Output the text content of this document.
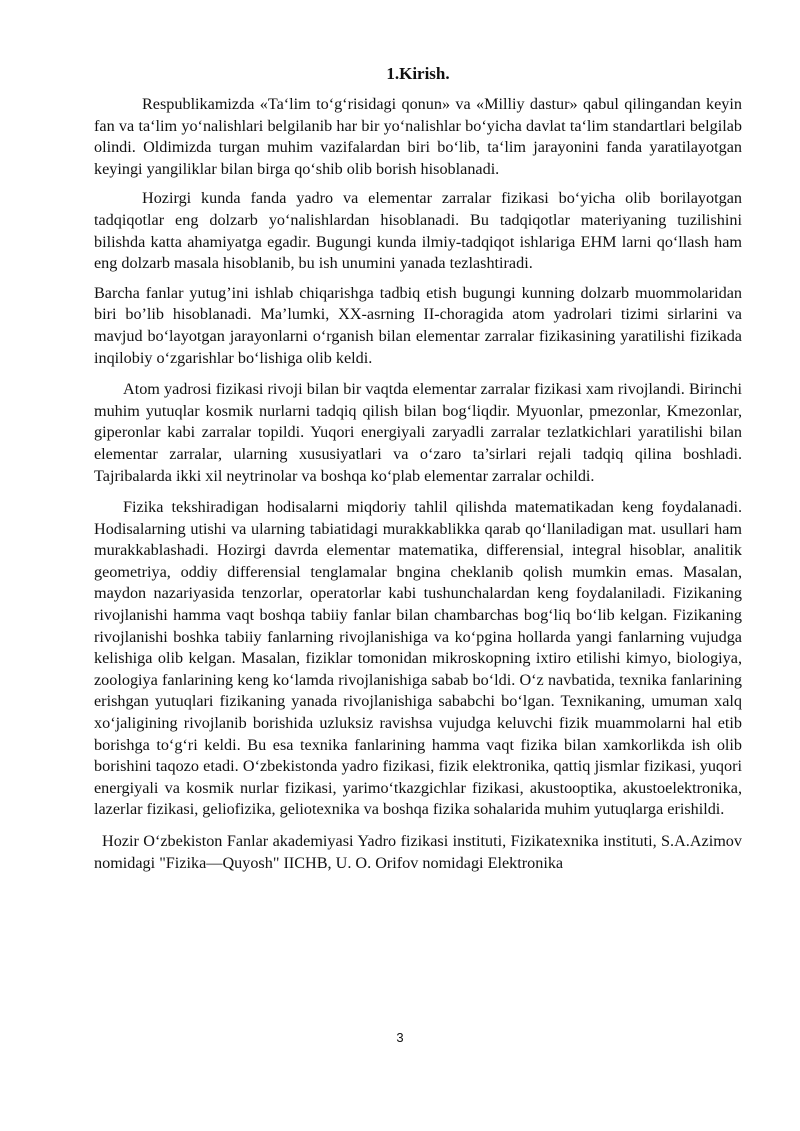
1.Kirish.

Respublikamizda «Ta‘lim to‘g‘risidagi qonun» va «Milliy dastur» qabul qilingandan keyin fan va ta‘lim yo‘nalishlari belgilanib har bir yo‘nalishlar bo‘yicha davlat ta‘lim standartlari belgilab olindi. Oldimizda turgan muhim vazifalardan biri bo‘lib, ta‘lim jarayonini fanda yaratilayotgan keyingi yangiliklar bilan birga qo‘shib olib borish hisoblanadi.

Hozirgi kunda fanda yadro va elementar zarralar fizikasi bo‘yicha olib borilayotgan tadqiqotlar eng dolzarb yo‘nalishlardan hisoblanadi. Bu tadqiqotlar materiyaning tuzilishini bilishda katta ahamiyatga egadir. Bugungi kunda ilmiy-tadqiqot ishlariga EHM larni qo‘llash ham eng dolzarb masala hisoblanib, bu ish unumini yanada tezlashtiradi.

Barcha fanlar yutug’ini ishlab chiqarishga tadbiq etish bugungi kunning dolzarb muommolaridan biri bo’lib hisoblanadi. Ma’lumki, XX-asrning II-choragida atom yadrolari tizimi sirlarini va mavjud bo‘layotgan jarayonlarni o‘rganish bilan elementar zarralar fizikasining yaratilishi fizikada inqilobiy o‘zgarishlar bo‘lishiga olib keldi.

Atom yadrosi fizikasi rivoji bilan bir vaqtda elementar zarralar fizikasi xam rivojlandi. Birinchi muhim yutuqlar kosmik nurlarni tadqiq qilish bilan bog‘liqdir. Myuonlar, pmezonlar, Kmezonlar, giperonlar kabi zarralar topildi. Yuqori energiyali zaryadli zarralar tezlatkichlari yaratilishi bilan elementar zarralar, ularning xususiyatlari va o‘zaro ta’sirlari rejali tadqiq qilina boshladi. Tajribalarda ikki xil neytrinolar va boshqa ko‘plab elementar zarralar ochildi.

Fizika tekshiradigan hodisalarni miqdoriy tahlil qilishda matematikadan keng foydalanadi. Hodisalarning utishi va ularning tabiatidagi murakkablikka qarab qo‘llaniladigan mat. usullari ham murakkablashadi. Hozirgi davrda elementar matematika, differensial, integral hisoblar, analitik geometriya, oddiy differensial tenglamalar bngina cheklanib qolish mumkin emas. Masalan, maydon nazariyasida tenzorlar, operatorlar kabi tushunchalardan keng foydalaniladi. Fizikaning rivojlanishi hamma vaqt boshqa tabiiy fanlar bilan chambarchas bog‘liq bo‘lib kelgan. Fizikaning rivojlanishi boshka tabiiy fanlarning rivojlanishiga va ko‘pgina hollarda yangi fanlarning vujudga kelishiga olib kelgan. Masalan, fiziklar tomonidan mikroskopning ixtiro etilishi kimyo, biologiya, zoologiya fanlarining keng ko‘lamda rivojlanishiga sabab bo‘ldi. O‘z navbatida, texnika fanlarining erishgan yutuqlari fizikaning yanada rivojlanishiga sababchi bo‘lgan. Texnikaning, umuman xalq xo‘jaligining rivojlanib borishida uzluksiz ravishsa vujudga keluvchi fizik muammolarni hal etib borishga to‘g‘ri keldi. Bu esa texnika fanlarining hamma vaqt fizika bilan xamkorlikda ish olib borishini taqozo etadi. O‘zbekistonda yadro fizikasi, fizik elektronika, qattiq jismlar fizikasi, yuqori energiyali va kosmik nurlar fizikasi, yarimo‘tkazgichlar fizikasi, akustooptika, akustoelektronika, lazerlar fizikasi, geliofizika, geliotexnika va boshqa fizika sohalarida muhim yutuqlarga erishildi.

Hozir O‘zbekiston Fanlar akademiyasi Yadro fizikasi instituti, Fizikatexnika instituti, S.A.Azimov nomidagi "Fizika—Quyosh" IICHB, U. O. Orifov nomidagi Elektronika

3
